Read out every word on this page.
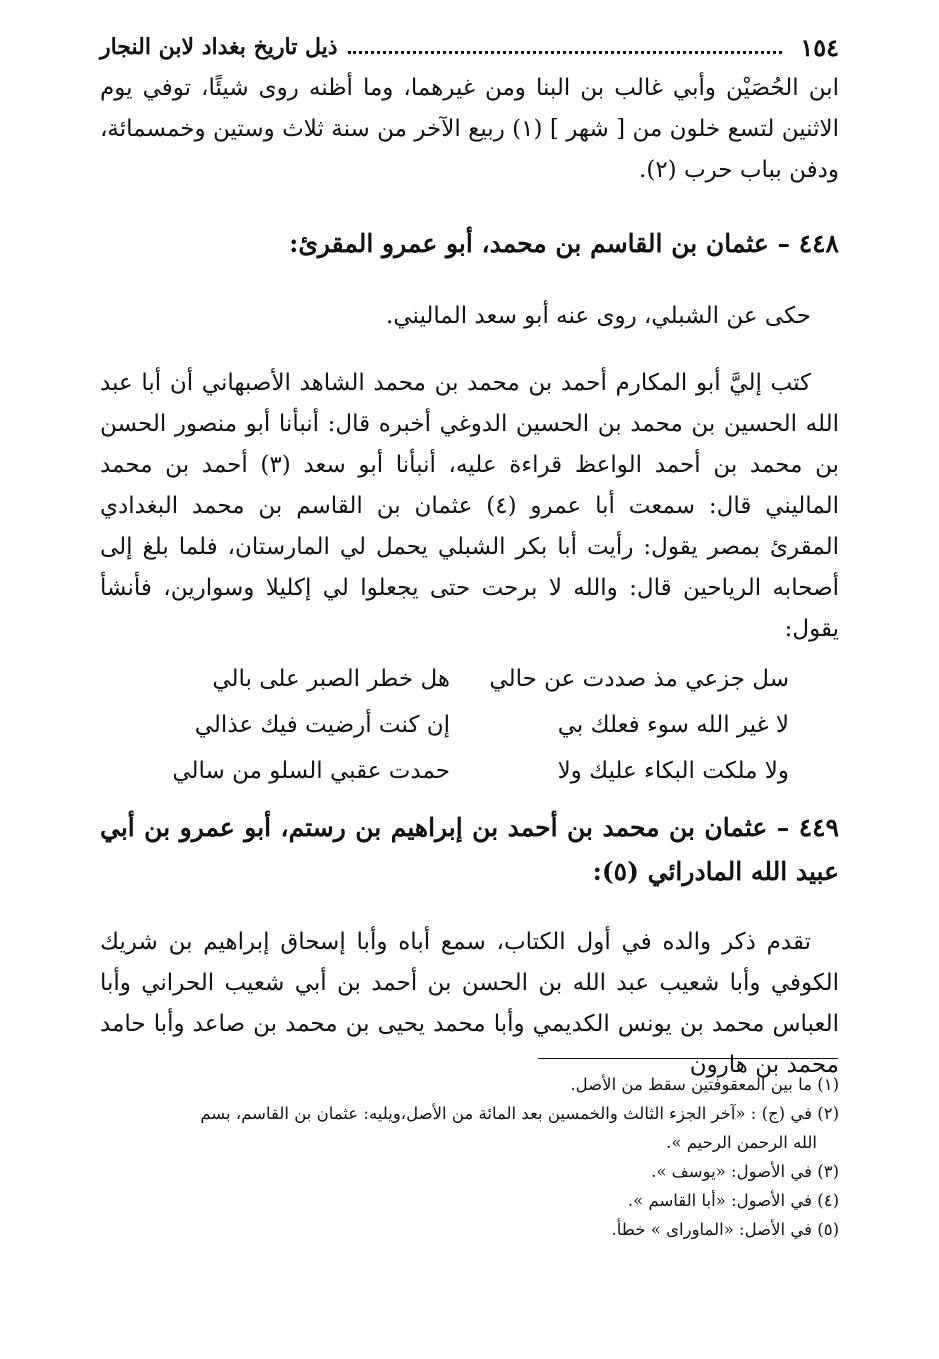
١٥٤
ذيل تاريخ بغداد لابن النجار
ابن الحُصَيْن وأبي غالب بن البنا ومن غيرهما، وما أظنه روى شيئًا، توفي يوم الاثنين لتسع خلون من [ شهر ] (١) ربيع الآخر من سنة ثلاث وستين وخمسمائة، ودفن بباب حرب (٢).
٤٤٨ – عثمان بن القاسم بن محمد، أبو عمرو المقرئ:
حكى عن الشبلي، روى عنه أبو سعد الماليني.
كتب إليَّ أبو المكارم أحمد بن محمد بن محمد الشاهد الأصبهاني أن أبا عبد الله الحسين بن محمد بن الحسين الدوغي أخبره قال: أنبأنا أبو منصور الحسن بن محمد بن أحمد الواعظ قراءة عليه، أنبأنا أبو سعد (٣) أحمد بن محمد الماليني قال: سمعت أبا عمرو (٤) عثمان بن القاسم بن محمد البغدادي المقرئ بمصر يقول: رأيت أبا بكر الشبلي يحمل لي المارستان، فلما بلغ إلى أصحابه الرياحين قال: والله لا برحت حتى يجعلوا لي إكليلا وسوارين، فأنشأ يقول:
سل جزعي مذ صددت عن حالي
هل خطر الصبر على بالي
لا غير الله سوء فعلك بي
إن كنت أرضيت فيك عذالي
ولا ملكت البكاء عليك ولا
حمدت عقبي السلو من سالي
٤٤٩ – عثمان بن محمد بن أحمد بن إبراهيم بن رستم، أبو عمرو بن أبي عبيد الله المادرائي (٥):
تقدم ذكر والده في أول الكتاب، سمع أباه وأبا إسحاق إبراهيم بن شريك الكوفي وأبا شعيب عبد الله بن الحسن بن أحمد بن أبي شعيب الحراني وأبا العباس محمد بن يونس الكديمي وأبا محمد يحيى بن محمد بن صاعد وأبا حامد محمد بن هارون
(١) ما بين المعقوفتين سقط من الأصل.
(٢) في (ج) : «آخر الجزء الثالث والخمسين بعد المائة من الأصل،ويليه: عثمان بن القاسم، بسم
الله الرحمن الرحيم ».
(٣) في الأصول: «يوسف ».
(٤) في الأصول: «أبا القاسم ».
(٥) في الأصل: «الماوراى » خطأ.
